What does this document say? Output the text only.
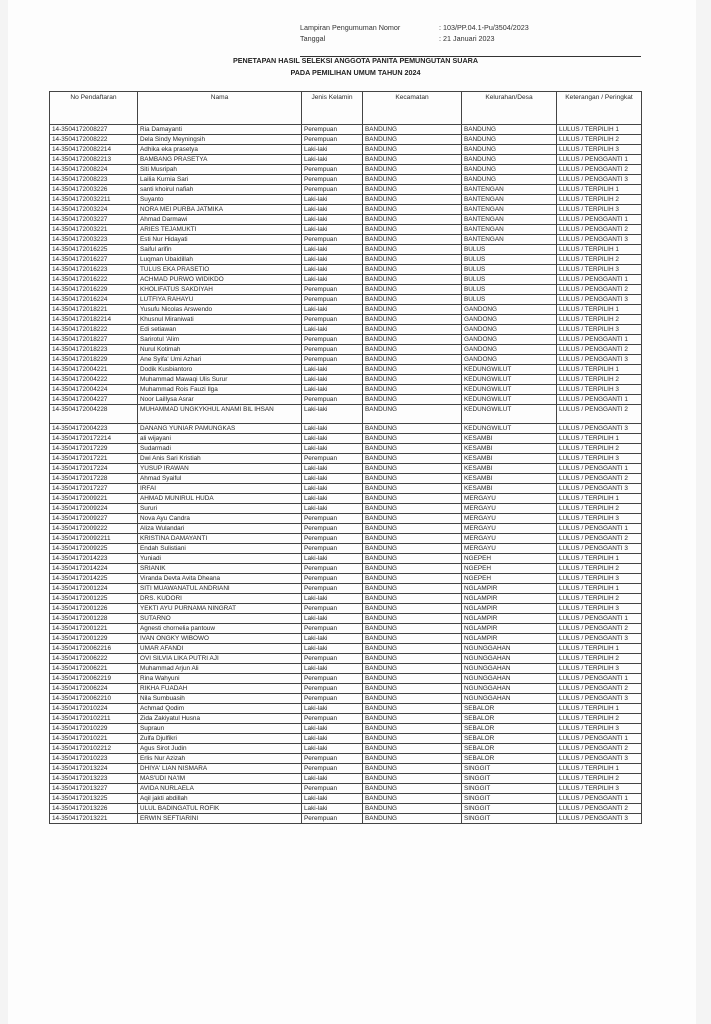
Lampiran Pengumuman Nomor	: 103/PP.04.1-Pu/3504/2023
Tanggal	: 21 Januari 2023
PENETAPAN HASIL SELEKSI ANGGOTA PANITA PEMUNGUTAN SUARA
PADA PEMILIHAN UMUM TAHUN 2024
No Pendaftaran	Nama	Jenis Kelamin	Kecamatan	Kelurahan/Desa	Keterangan / Peringkat
14-3504172008227	Ria Damayanti	Perempuan	BANDUNG	BANDUNG	LULUS / TERPILIH 1
14-3504172008222	Dela Sindy Meyningsih	Perempuan	BANDUNG	BANDUNG	LULUS / TERPILIH 2
14-35041720082214	Adhika eka prasetya	Laki-laki	BANDUNG	BANDUNG	LULUS / TERPILIH 3
14-35041720082213	BAMBANG PRASETYA	Laki-laki	BANDUNG	BANDUNG	LULUS / PENGGANTI 1
14-3504172008224	Siti Musripah	Perempuan	BANDUNG	BANDUNG	LULUS / PENGGANTI 2
14-3504172008223	Lailia Kurnia Sari	Perempuan	BANDUNG	BANDUNG	LULUS / PENGGANTI 3
14-3504172003226	santi khoirul nafiah	Perempuan	BANDUNG	BANTENGAN	LULUS / TERPILIH 1
14-35041720032211	Suyanto	Laki-laki	BANDUNG	BANTENGAN	LULUS / TERPILIH 2
14-3504172003224	NORA MEI PURBA JATMIKA	Laki-laki	BANDUNG	BANTENGAN	LULUS / TERPILIH 3
14-3504172003227	Ahmad Darmawi	Laki-laki	BANDUNG	BANTENGAN	LULUS / PENGGANTI 1
14-3504172003221	ARIES TEJAMUKTI	Laki-laki	BANDUNG	BANTENGAN	LULUS / PENGGANTI 2
14-3504172003223	Esti Nur Hidayati	Perempuan	BANDUNG	BANTENGAN	LULUS / PENGGANTI 3
14-3504172016225	Saiful arifin	Laki-laki	BANDUNG	BULUS	LULUS / TERPILIH 1
14-3504172016227	Luqman Ubaidillah	Laki-laki	BANDUNG	BULUS	LULUS / TERPILIH 2
14-3504172016223	TULUS EKA PRASETIO	Laki-laki	BANDUNG	BULUS	LULUS / TERPILIH 3
14-3504172016222	ACHMAD PURWO WIDIKDO	Laki-laki	BANDUNG	BULUS	LULUS / PENGGANTI 1
14-3504172016229	KHOLIFATUS SAKDIYAH	Perempuan	BANDUNG	BULUS	LULUS / PENGGANTI 2
14-3504172016224	LUTFIYA RAHAYU	Perempuan	BANDUNG	BULUS	LULUS / PENGGANTI 3
14-3504172018221	Yusufu Nicolas Arswendo	Laki-laki	BANDUNG	GANDONG	LULUS / TERPILIH 1
14-35041720182214	Khusnul Miraniwati	Perempuan	BANDUNG	GANDONG	LULUS / TERPILIH 2
14-3504172018222	Edi setiawan	Laki-laki	BANDUNG	GANDONG	LULUS / TERPILIH 3
14-3504172018227	Sarirotul 'Alim	Perempuan	BANDUNG	GANDONG	LULUS / PENGGANTI 1
14-3504172018223	Nurul Kotimah	Perempuan	BANDUNG	GANDONG	LULUS / PENGGANTI 2
14-3504172018229	Ane Syifa' Umi Azhari	Perempuan	BANDUNG	GANDONG	LULUS / PENGGANTI 3
14-3504172004221	Dodik Kusbiantoro	Laki-laki	BANDUNG	KEDUNGWILUT	LULUS / TERPILIH 1
14-3504172004222	Muhammad Mawaqi Ulis Surur	Laki-laki	BANDUNG	KEDUNGWILUT	LULUS / TERPILIH 2
14-3504172004224	Muhammad Rois Fauzi Ilga	Laki-laki	BANDUNG	KEDUNGWILUT	LULUS / TERPILIH 3
14-3504172004227	Noor Laillysa Asrar	Perempuan	BANDUNG	KEDUNGWILUT	LULUS / PENGGANTI 1
14-3504172004228	MUHAMMAD UNGKYKHUL ANAMI BIL IHSAN	Laki-laki	BANDUNG	KEDUNGWILUT	LULUS / PENGGANTI 2
14-3504172004223	DANANG YUNIAR PAMUNGKAS	Laki-laki	BANDUNG	KEDUNGWILUT	LULUS / PENGGANTI 3
14-35041720172214	ali wijayani	Laki-laki	BANDUNG	KESAMBI	LULUS / TERPILIH 1
14-3504172017229	Sudarmadi	Laki-laki	BANDUNG	KESAMBI	LULUS / TERPILIH 2
14-3504172017221	Dwi Anis Sari Kristiah	Perempuan	BANDUNG	KESAMBI	LULUS / TERPILIH 3
14-3504172017224	YUSUP IRAWAN	Laki-laki	BANDUNG	KESAMBI	LULUS / PENGGANTI 1
14-3504172017228	Ahmad Syaiful	Laki-laki	BANDUNG	KESAMBI	LULUS / PENGGANTI 2
14-3504172017227	IRFAI	Laki-laki	BANDUNG	KESAMBI	LULUS / PENGGANTI 3
14-3504172009221	AHMAD MUNIRUL HUDA	Laki-laki	BANDUNG	MERGAYU	LULUS / TERPILIH 1
14-3504172009224	Sururi	Laki-laki	BANDUNG	MERGAYU	LULUS / TERPILIH 2
14-3504172009227	Nova Ayu Candra	Perempuan	BANDUNG	MERGAYU	LULUS / TERPILIH 3
14-3504172009222	Aliza Wulandari	Perempuan	BANDUNG	MERGAYU	LULUS / PENGGANTI 1
14-35041720092211	KRISTINA DAMAYANTI	Perempuan	BANDUNG	MERGAYU	LULUS / PENGGANTI 2
14-3504172009225	Endah Sulistiani	Perempuan	BANDUNG	MERGAYU	LULUS / PENGGANTI 3
14-3504172014223	Yuniadi	Laki-laki	BANDUNG	NGEPEH	LULUS / TERPILIH 1
14-3504172014224	SRIANIK	Perempuan	BANDUNG	NGEPEH	LULUS / TERPILIH 2
14-3504172014225	Viranda Devta Avita Dheana	Perempuan	BANDUNG	NGEPEH	LULUS / TERPILIH 3
14-3504172001224	SITI MUAWANATUL ANDRIANI	Perempuan	BANDUNG	NGLAMPIR	LULUS / TERPILIH 1
14-3504172001225	DRS. KUDORI	Laki-laki	BANDUNG	NGLAMPIR	LULUS / TERPILIH 2
14-3504172001226	YEKTI AYU PURNAMA NINGRAT	Perempuan	BANDUNG	NGLAMPIR	LULUS / TERPILIH 3
14-3504172001228	SUTARNO	Laki-laki	BANDUNG	NGLAMPIR	LULUS / PENGGANTI 1
14-3504172001221	Agnesti chornelia pantouw	Perempuan	BANDUNG	NGLAMPIR	LULUS / PENGGANTI 2
14-3504172001229	IVAN ONGKY WIBOWO	Laki-laki	BANDUNG	NGLAMPIR	LULUS / PENGGANTI 3
14-35041720062216	UMAR AFANDI	Laki-laki	BANDUNG	NGUNGGAHAN	LULUS / TERPILIH 1
14-3504172006222	OVI SILVIA LIKA PUTRI AJI	Perempuan	BANDUNG	NGUNGGAHAN	LULUS / TERPILIH 2
14-3504172006221	Muhammad Arjun Ali	Laki-laki	BANDUNG	NGUNGGAHAN	LULUS / TERPILIH 3
14-35041720062219	Rina Wahyuni	Perempuan	BANDUNG	NGUNGGAHAN	LULUS / PENGGANTI 1
14-3504172006224	RIKHA FUADAH	Perempuan	BANDUNG	NGUNGGAHAN	LULUS / PENGGANTI 2
14-35041720062210	Nila Sumbuasih	Perempuan	BANDUNG	NGUNGGAHAN	LULUS / PENGGANTI 3
14-3504172010224	Achmad Qodim	Laki-laki	BANDUNG	SEBALOR	LULUS / TERPILIH 1
14-35041720102211	Zida Zakiyatul Husna	Perempuan	BANDUNG	SEBALOR	LULUS / TERPILIH 2
14-3504172010229	Supraun	Laki-laki	BANDUNG	SEBALOR	LULUS / TERPILIH 3
14-3504172010221	Zulfa Djulfikri	Laki-laki	BANDUNG	SEBALOR	LULUS / PENGGANTI 1
14-35041720102212	Agus Sirot Judin	Laki-laki	BANDUNG	SEBALOR	LULUS / PENGGANTI 2
14-3504172010223	Erlis Nur Azizah	Perempuan	BANDUNG	SEBALOR	LULUS / PENGGANTI 3
14-3504172013224	DHIYA' LIAN NISMARA	Perempuan	BANDUNG	SINGGIT	LULUS / TERPILIH 1
14-3504172013223	MAS'UDI NA'IM	Laki-laki	BANDUNG	SINGGIT	LULUS / TERPILIH 2
14-3504172013227	AVIDA NURLAELA	Perempuan	BANDUNG	SINGGIT	LULUS / TERPILIH 3
14-3504172013225	Aqil jakti abdillah	Laki-laki	BANDUNG	SINGGIT	LULUS / PENGGANTI 1
14-3504172013226	ULUL BADINGATUL ROFIK	Laki-laki	BANDUNG	SINGGIT	LULUS / PENGGANTI 2
14-3504172013221	ERWIN SEFTIARINI	Perempuan	BANDUNG	SINGGIT	LULUS / PENGGANTI 3
